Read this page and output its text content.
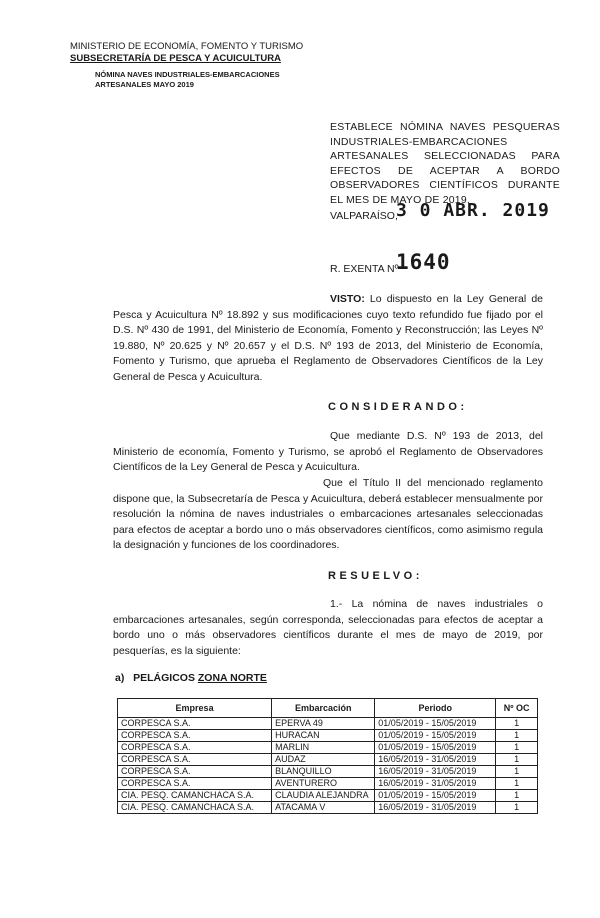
MINISTERIO DE ECONOMÍA, FOMENTO Y TURISMO
SUBSECRETARÍA DE PESCA Y ACUICULTURA
NÓMINA NAVES INDUSTRIALES-EMBARCACIONES
ARTESANALES MAYO 2019
ESTABLECE NÓMINA NAVES PESQUERAS INDUSTRIALES-EMBARCACIONES ARTESANALES SELECCIONADAS PARA EFECTOS DE ACEPTAR A BORDO OBSERVADORES CIENTÍFICOS DURANTE EL MES DE MAYO DE 2019.
VALPARAÍSO,
3 0 ABR. 2019
R. EXENTA Nº
1640
VISTO: Lo dispuesto en la Ley General de Pesca y Acuicultura Nº 18.892 y sus modificaciones cuyo texto refundido fue fijado por el D.S. Nº 430 de 1991, del Ministerio de Economía, Fomento y Reconstrucción; las Leyes Nº 19.880, Nº 20.625 y Nº 20.657 y el D.S. Nº 193 de 2013, del Ministerio de Economía, Fomento y Turismo, que aprueba el Reglamento de Observadores Científicos de la Ley General de Pesca y Acuicultura.
CONSIDERANDO:
Que mediante D.S. Nº 193 de 2013, del Ministerio de economía, Fomento y Turismo, se aprobó el Reglamento de Observadores Científicos de la Ley General de Pesca y Acuicultura.
Que el Título II del mencionado reglamento dispone que, la Subsecretaría de Pesca y Acuicultura, deberá establecer mensualmente por resolución la nómina de naves industriales o embarcaciones artesanales seleccionadas para efectos de aceptar a bordo uno o más observadores científicos, como asimismo regula la designación y funciones de los coordinadores.
RESUELVO:
1.- La nómina de naves industriales o embarcaciones artesanales, según corresponda, seleccionadas para efectos de aceptar a bordo uno o más observadores científicos durante el mes de mayo de 2019, por pesquerías, es la siguiente:
a) PELÁGICOS ZONA NORTE
Empresa	Embarcación	Periodo	Nº OC
CORPESCA S.A.	EPERVA 49	01/05/2019 - 15/05/2019	1
CORPESCA S.A.	HURACAN	01/05/2019 - 15/05/2019	1
CORPESCA S.A.	MARLIN	01/05/2019 - 15/05/2019	1
CORPESCA S.A.	AUDAZ	16/05/2019 - 31/05/2019	1
CORPESCA S.A.	BLANQUILLO	16/05/2019 - 31/05/2019	1
CORPESCA S.A.	AVENTURERO	16/05/2019 - 31/05/2019	1
CIA. PESQ. CAMANCHACA S.A.	CLAUDIA ALEJANDRA	01/05/2019 - 15/05/2019	1
CIA. PESQ. CAMANCHACA S.A.	ATACAMA V	16/05/2019 - 31/05/2019	1
